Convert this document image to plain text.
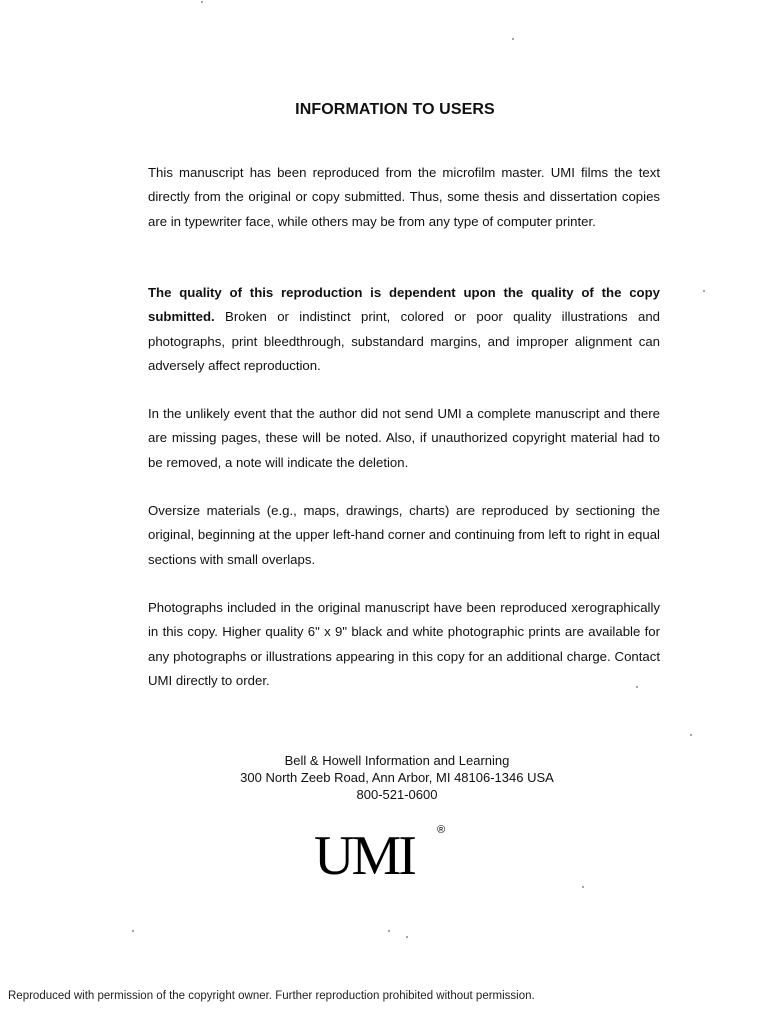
INFORMATION TO USERS
This manuscript has been reproduced from the microfilm master. UMI films the text directly from the original or copy submitted. Thus, some thesis and dissertation copies are in typewriter face, while others may be from any type of computer printer.
The quality of this reproduction is dependent upon the quality of the copy submitted. Broken or indistinct print, colored or poor quality illustrations and photographs, print bleedthrough, substandard margins, and improper alignment can adversely affect reproduction.
In the unlikely event that the author did not send UMI a complete manuscript and there are missing pages, these will be noted. Also, if unauthorized copyright material had to be removed, a note will indicate the deletion.
Oversize materials (e.g., maps, drawings, charts) are reproduced by sectioning the original, beginning at the upper left-hand corner and continuing from left to right in equal sections with small overlaps.
Photographs included in the original manuscript have been reproduced xerographically in this copy. Higher quality 6" x 9" black and white photographic prints are available for any photographs or illustrations appearing in this copy for an additional charge. Contact UMI directly to order.
Bell & Howell Information and Learning
300 North Zeeb Road, Ann Arbor, MI 48106-1346 USA
800-521-0600
UMI ®
Reproduced with permission of the copyright owner. Further reproduction prohibited without permission.
